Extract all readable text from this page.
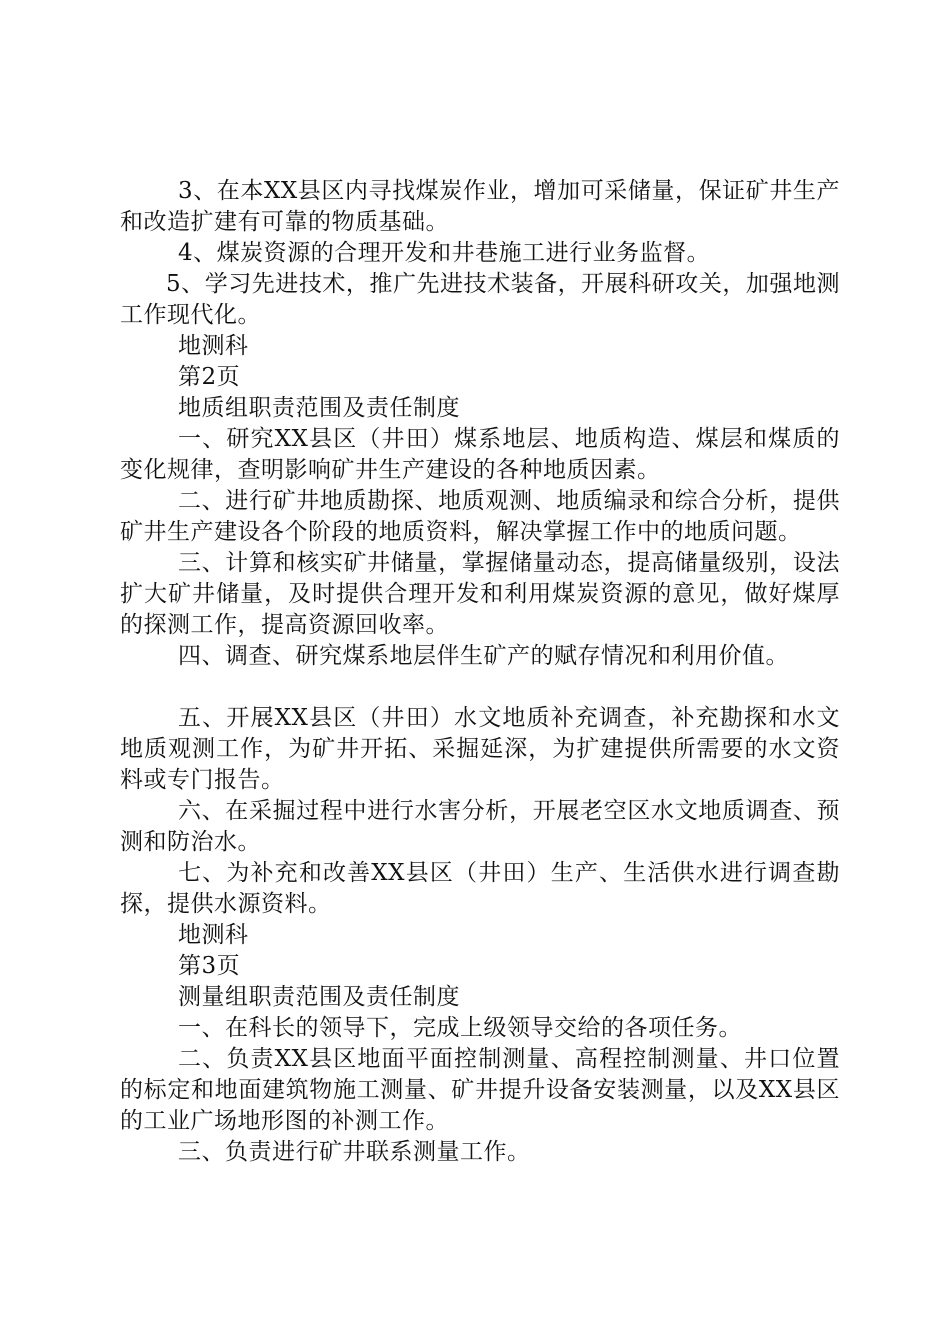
3、在本XX县区内寻找煤炭作业，增加可采储量，保证矿井生产和改造扩建有可靠的物质基础。

4、煤炭资源的合理开发和井巷施工进行业务监督。

5、学习先进技术，推广先进技术装备，开展科研攻关，加强地测工作现代化。

地测科
第2页
地质组职责范围及责任制度

一、研究XX县区（井田）煤系地层、地质构造、煤层和煤质的变化规律，查明影响矿井生产建设的各种地质因素。

二、进行矿井地质勘探、地质观测、地质编录和综合分析，提供矿井生产建设各个阶段的地质资料，解决掌握工作中的地质问题。

三、计算和核实矿井储量，掌握储量动态，提高储量级别，设法扩大矿井储量，及时提供合理开发和利用煤炭资源的意见，做好煤厚的探测工作，提高资源回收率。

四、调查、研究煤系地层伴生矿产的赋存情况和利用价值。

五、开展XX县区（井田）水文地质补充调查，补充勘探和水文地质观测工作，为矿井开拓、采掘延深，为扩建提供所需要的水文资料或专门报告。

六、在采掘过程中进行水害分析，开展老空区水文地质调查、预测和防治水。

七、为补充和改善XX县区（井田）生产、生活供水进行调查勘探，提供水源资料。

地测科
第3页
测量组职责范围及责任制度

一、在科长的领导下，完成上级领导交给的各项任务。

二、负责XX县区地面平面控制测量、高程控制测量、井口位置的标定和地面建筑物施工测量、矿井提升设备安装测量，以及XX县区的工业广场地形图的补测工作。

三、负责进行矿井联系测量工作。
